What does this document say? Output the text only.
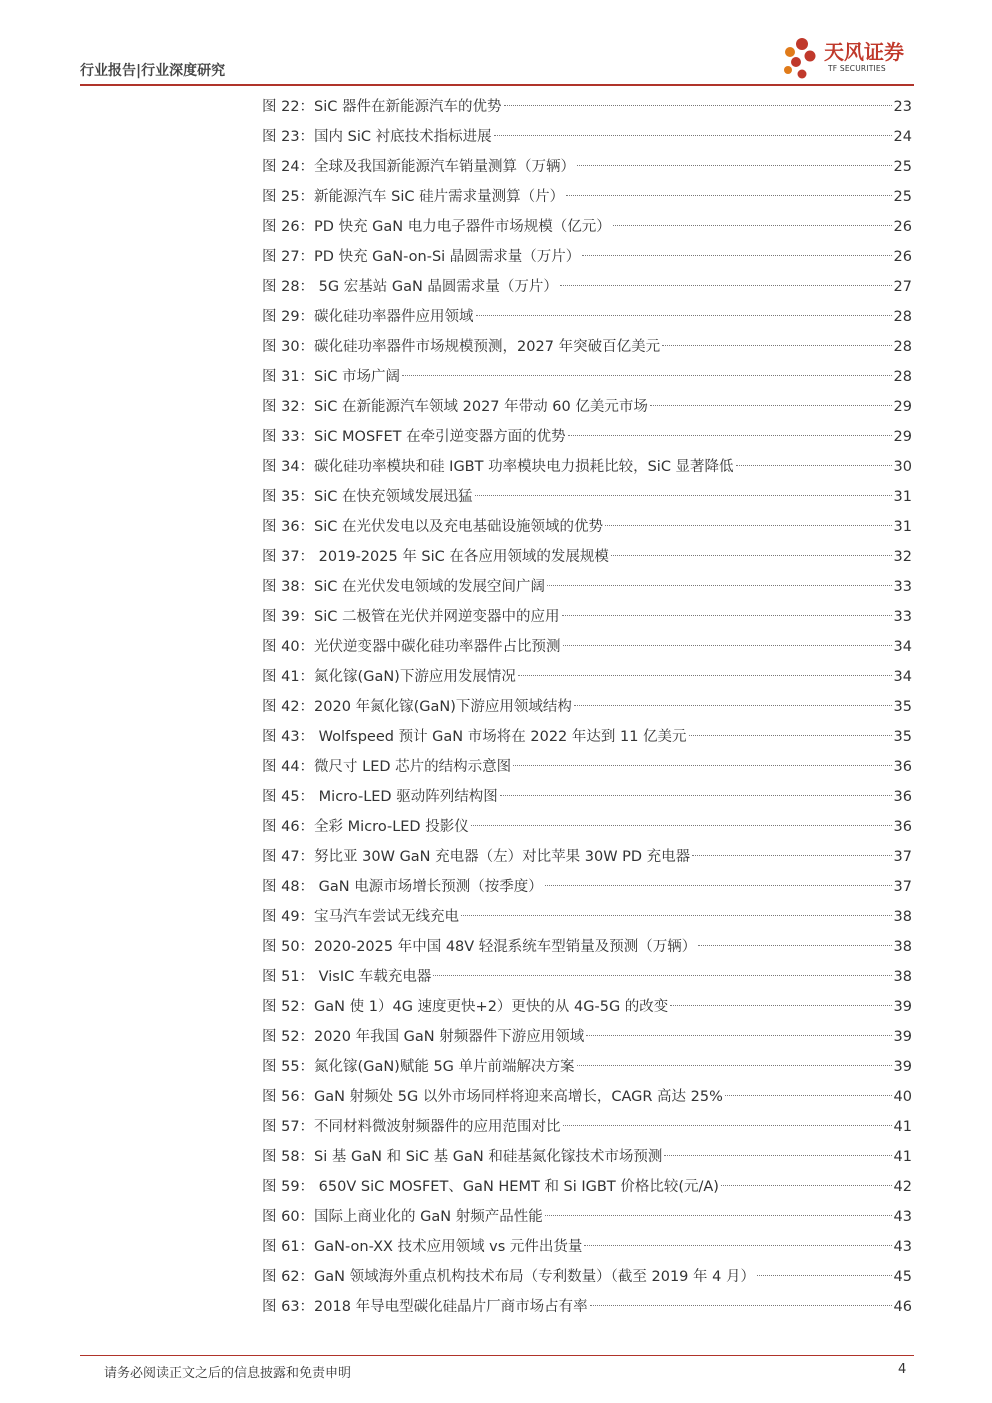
行业报告|行业深度研究
天风证券
TF SECURITIES
图 22：SiC 器件在新能源汽车的优势	23
图 23：国内 SiC 衬底技术指标进展	24
图 24：全球及我国新能源汽车销量测算（万辆）	25
图 25：新能源汽车 SiC 硅片需求量测算（片）	25
图 26：PD 快充 GaN 电力电子器件市场规模（亿元）	26
图 27：PD 快充 GaN-on-Si 晶圆需求量（万片）	26
图 28： 5G 宏基站 GaN 晶圆需求量（万片）	27
图 29：碳化硅功率器件应用领域	28
图 30：碳化硅功率器件市场规模预测，2027 年突破百亿美元	28
图 31：SiC 市场广阔	28
图 32：SiC 在新能源汽车领域 2027 年带动 60 亿美元市场	29
图 33：SiC MOSFET 在牵引逆变器方面的优势	29
图 34：碳化硅功率模块和硅 IGBT 功率模块电力损耗比较，SiC 显著降低	30
图 35：SiC 在快充领域发展迅猛	31
图 36：SiC 在光伏发电以及充电基础设施领域的优势	31
图 37： 2019-2025 年 SiC 在各应用领域的发展规模	32
图 38：SiC 在光伏发电领域的发展空间广阔	33
图 39：SiC 二极管在光伏并网逆变器中的应用	33
图 40：光伏逆变器中碳化硅功率器件占比预测	34
图 41：氮化镓(GaN)下游应用发展情况	34
图 42：2020 年氮化镓(GaN)下游应用领域结构	35
图 43： Wolfspeed 预计 GaN 市场将在 2022 年达到 11 亿美元	35
图 44：微尺寸 LED 芯片的结构示意图	36
图 45： Micro-LED 驱动阵列结构图	36
图 46：全彩 Micro-LED 投影仪	36
图 47：努比亚 30W GaN 充电器（左）对比苹果 30W PD 充电器	37
图 48： GaN 电源市场增长预测（按季度）	37
图 49：宝马汽车尝试无线充电	38
图 50：2020-2025 年中国 48V 轻混系统车型销量及预测（万辆）	38
图 51： VisIC 车载充电器	38
图 52：GaN 使 1）4G 速度更快+2）更快的从 4G-5G 的改变	39
图 52：2020 年我国 GaN 射频器件下游应用领域	39
图 55：氮化镓(GaN)赋能 5G 单片前端解决方案	39
图 56：GaN 射频处 5G 以外市场同样将迎来高增长，CAGR 高达 25%	40
图 57：不同材料微波射频器件的应用范围对比	41
图 58：Si 基 GaN 和 SiC 基 GaN 和硅基氮化镓技术市场预测	41
图 59： 650V SiC MOSFET、GaN HEMT 和 Si IGBT 价格比较(元/A)	42
图 60：国际上商业化的 GaN 射频产品性能	43
图 61：GaN-on-XX 技术应用领域 vs 元件出货量	43
图 62：GaN 领域海外重点机构技术布局（专利数量）（截至 2019 年 4 月）	45
图 63：2018 年导电型碳化硅晶片厂商市场占有率	46
请务必阅读正文之后的信息披露和免责申明	4
